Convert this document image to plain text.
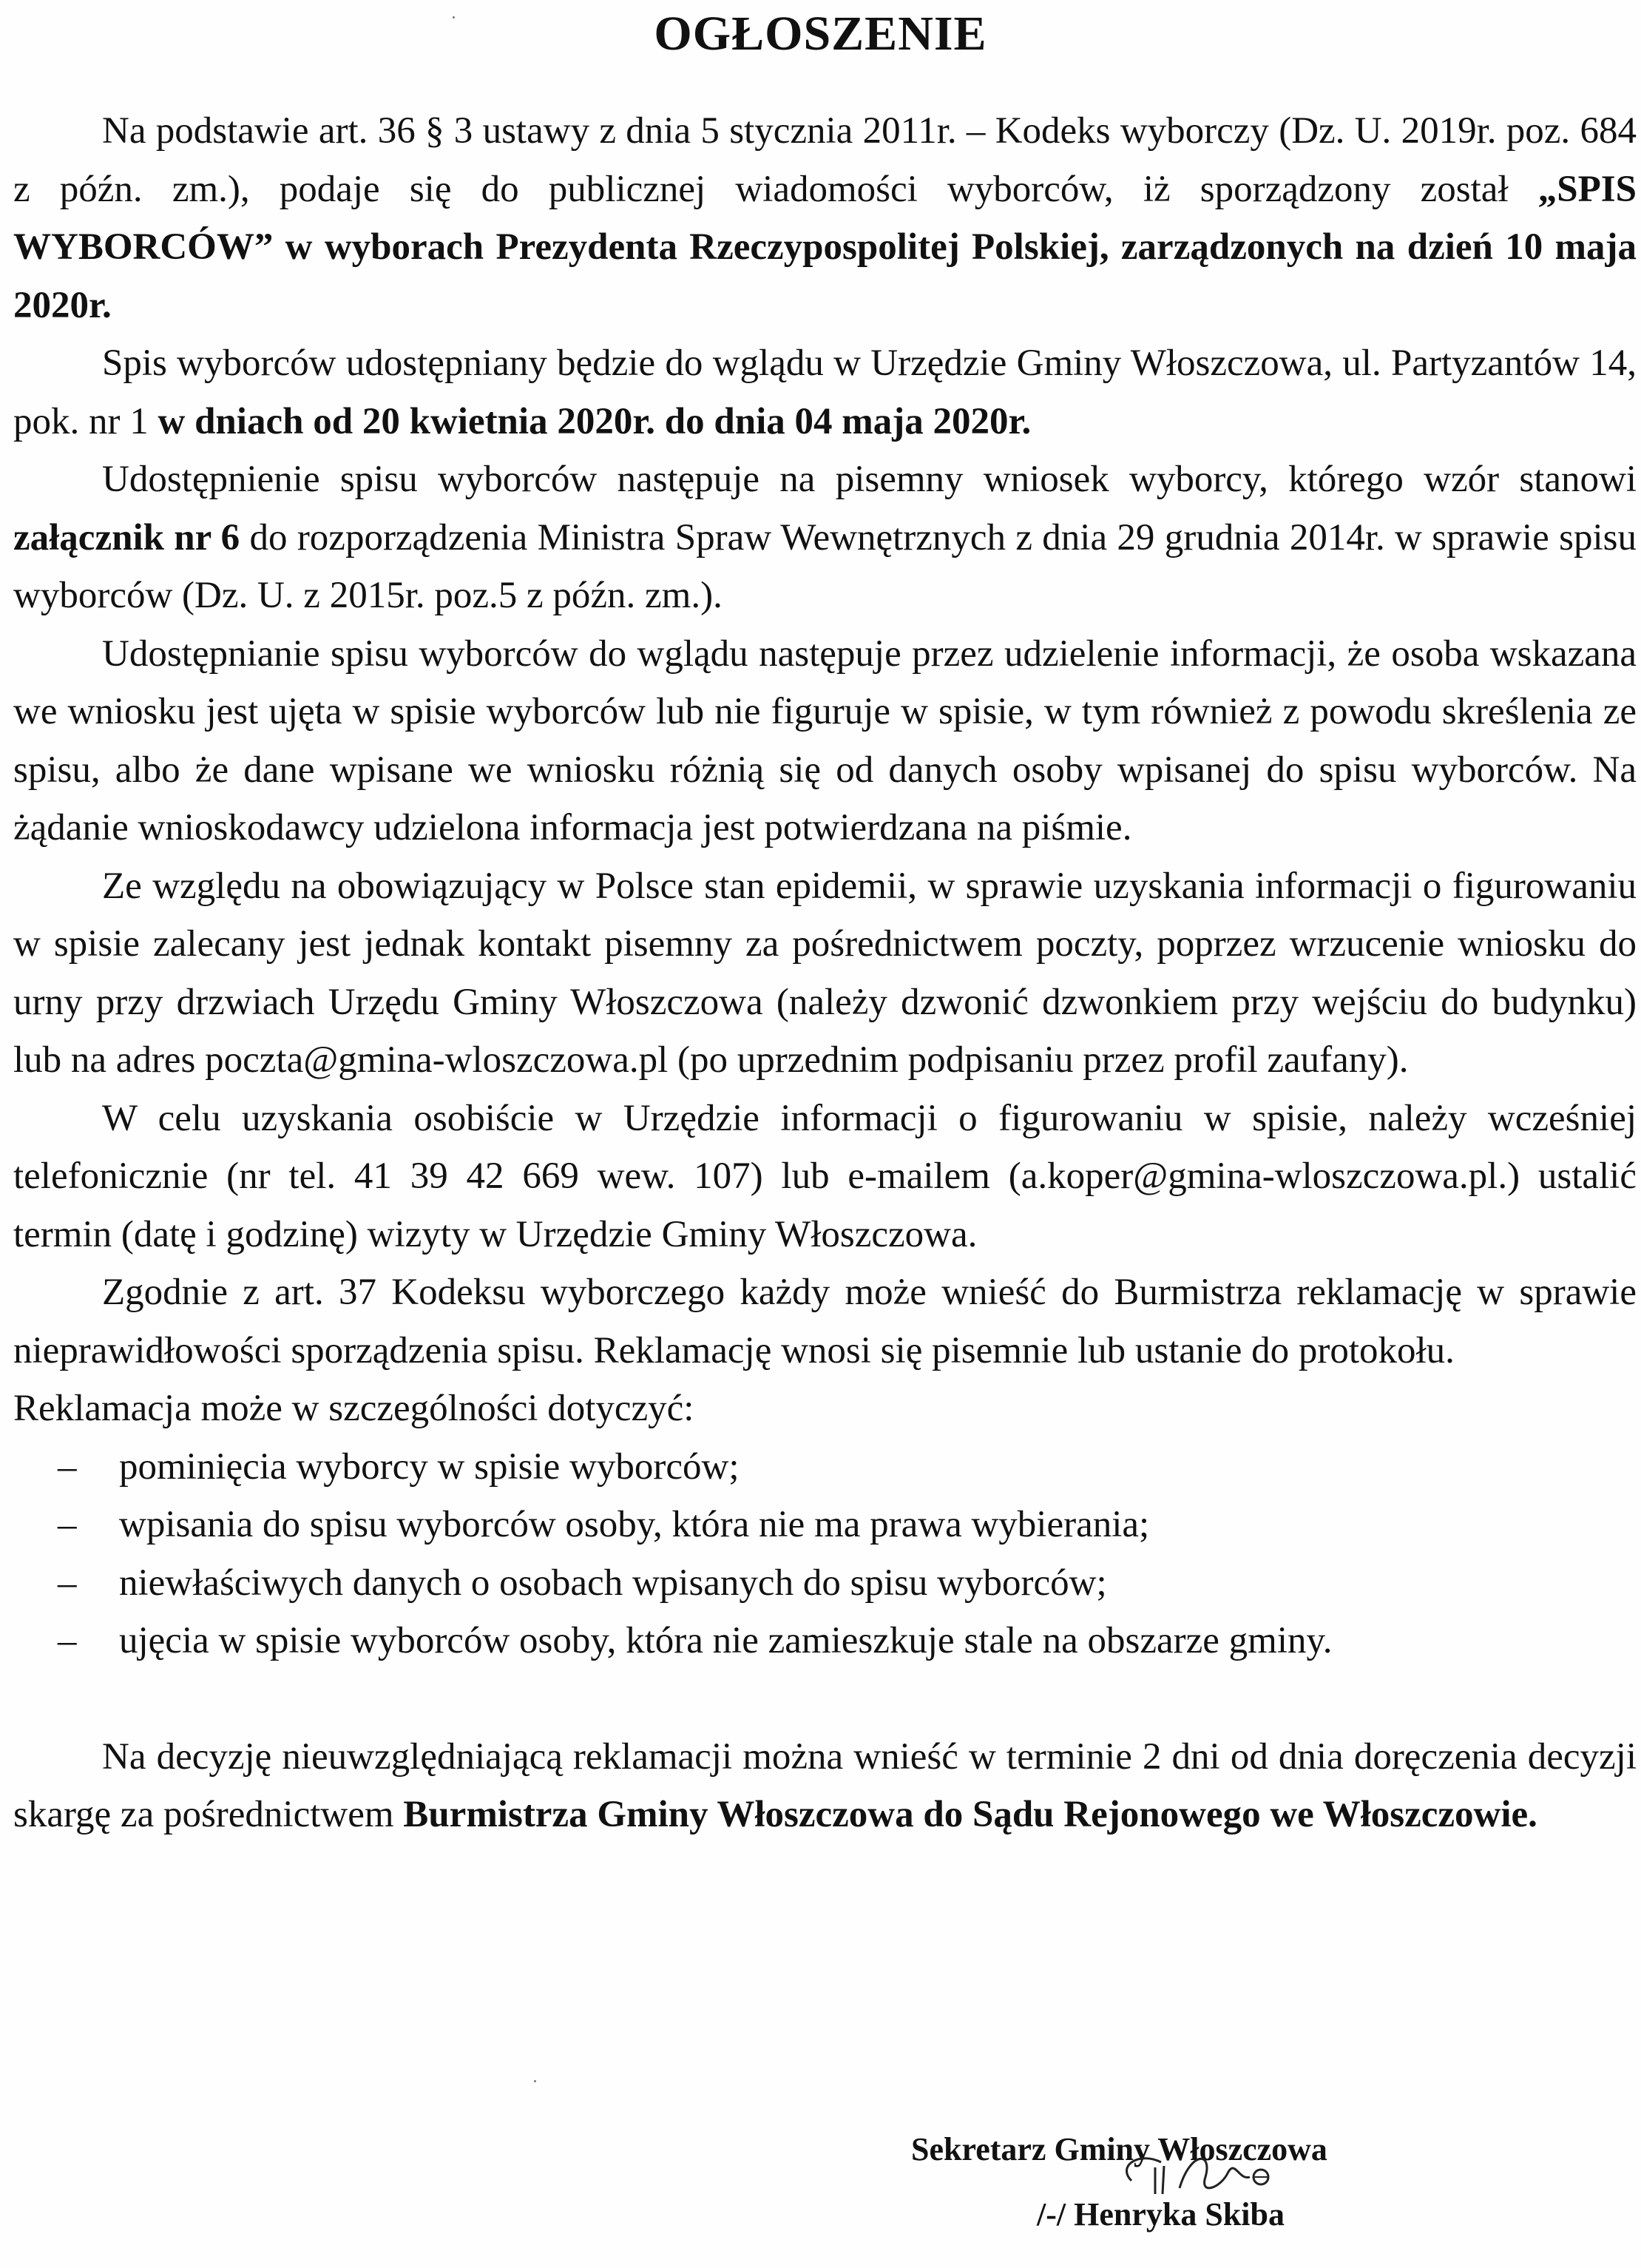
OGŁOSZENIE

Na podstawie art. 36 § 3 ustawy z dnia 5 stycznia 2011r. – Kodeks wyborczy (Dz. U. 2019r. poz. 684 z późn. zm.), podaje się do publicznej wiadomości wyborców, iż sporządzony został „SPIS WYBORCÓW” w wyborach Prezydenta Rzeczypospolitej Polskiej, zarządzonych na dzień 10 maja 2020r.

Spis wyborców udostępniany będzie do wglądu w Urzędzie Gminy Włoszczowa, ul. Partyzantów 14, pok. nr 1 w dniach od 20 kwietnia 2020r. do dnia 04 maja 2020r.

Udostępnienie spisu wyborców następuje na pisemny wniosek wyborcy, którego wzór stanowi załącznik nr 6 do rozporządzenia Ministra Spraw Wewnętrznych z dnia 29 grudnia 2014r. w sprawie spisu wyborców (Dz. U. z 2015r. poz.5 z późn. zm.).

Udostępnianie spisu wyborców do wglądu następuje przez udzielenie informacji, że osoba wskazana we wniosku jest ujęta w spisie wyborców lub nie figuruje w spisie, w tym również z powodu skreślenia ze spisu, albo że dane wpisane we wniosku różnią się od danych osoby wpisanej do spisu wyborców. Na żądanie wnioskodawcy udzielona informacja jest potwierdzana na piśmie.

Ze względu na obowiązujący w Polsce stan epidemii, w sprawie uzyskania informacji o figurowaniu w spisie zalecany jest jednak kontakt pisemny za pośrednictwem poczty, poprzez wrzucenie wniosku do urny przy drzwiach Urzędu Gminy Włoszczowa (należy dzwonić dzwonkiem przy wejściu do budynku) lub na adres poczta@gmina-wloszczowa.pl (po uprzednim podpisaniu przez profil zaufany).

W celu uzyskania osobiście w Urzędzie informacji o figurowaniu w spisie, należy wcześniej telefonicznie (nr tel. 41 39 42 669 wew. 107) lub e-mailem (a.koper@gmina-wloszczowa.pl.) ustalić termin (datę i godzinę) wizyty w Urzędzie Gminy Włoszczowa.

Zgodnie z art. 37 Kodeksu wyborczego każdy może wnieść do Burmistrza reklamację w sprawie nieprawidłowości sporządzenia spisu. Reklamację wnosi się pisemnie lub ustanie do protokołu.

Reklamacja może w szczególności dotyczyć:

– pominięcia wyborcy w spisie wyborców;
– wpisania do spisu wyborców osoby, która nie ma prawa wybierania;
– niewłaściwych danych o osobach wpisanych do spisu wyborców;
– ujęcia w spisie wyborców osoby, która nie zamieszkuje stale na obszarze gminy.

Na decyzję nieuwzględniającą reklamacji można wnieść w terminie 2 dni od dnia doręczenia decyzji skargę za pośrednictwem Burmistrza Gminy Włoszczowa do Sądu Rejonowego we Włoszczowie.

Sekretarz Gminy Włoszczowa
/-/ Henryka Skiba
